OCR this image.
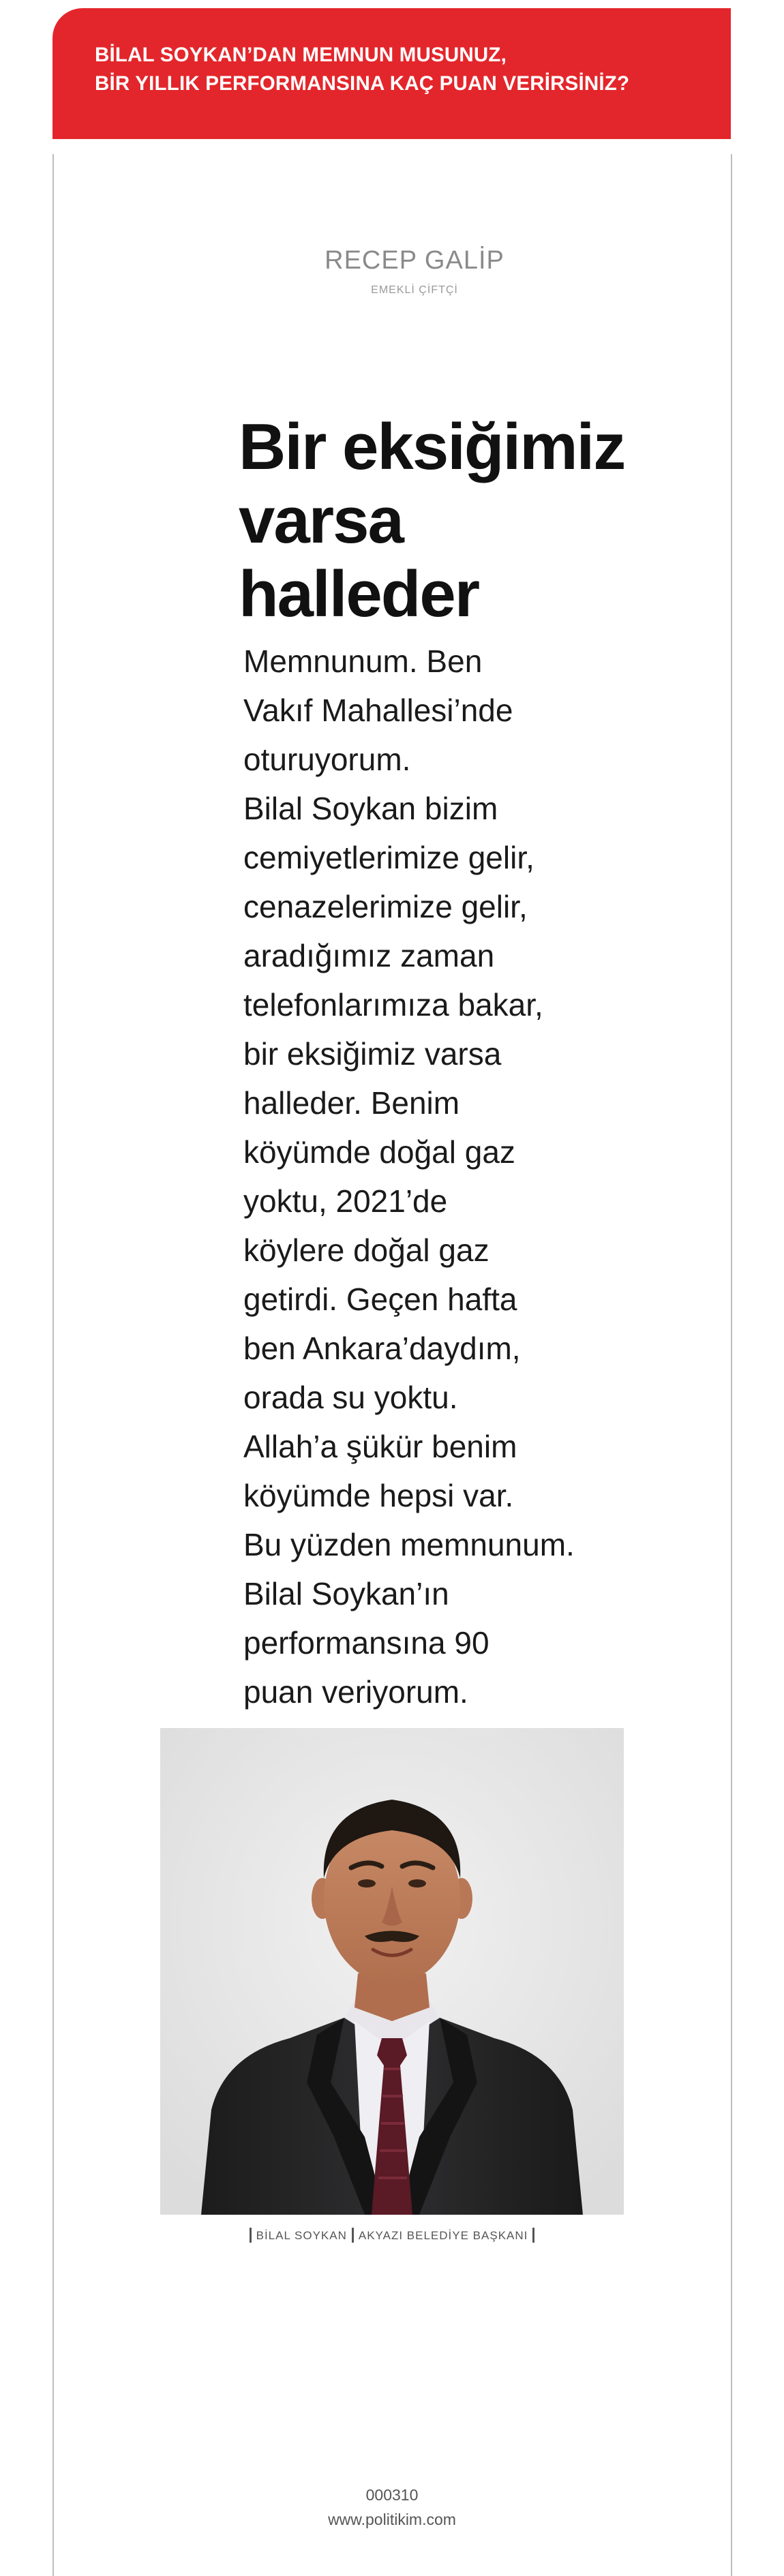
BİLAL SOYKAN’DAN MEMNUN MUSUNUZ,
BİR YILLIK PERFORMANSINA KAÇ PUAN VERİRSİNİZ?
RECEP GALİP
EMEKLİ ÇİFTÇİ
Bir eksiğimiz
varsa
halleder
Memnunum. Ben
Vakıf Mahallesi’nde
oturuyorum.
Bilal Soykan bizim
cemiyetlerimize gelir,
cenazelerimize gelir,
aradığımız zaman
telefonlarımıza bakar,
bir eksiğimiz varsa
halleder. Benim
köyümde doğal gaz
yoktu, 2021’de
köylere doğal gaz
getirdi. Geçen hafta
ben Ankara’daydım,
orada su yoktu.
Allah’a şükür benim
köyümde hepsi var.
Bu yüzden memnunum.
Bilal Soykan’ın
performansına 90
puan veriyorum.
BİLAL SOYKAN AKYAZI BELEDİYE BAŞKANI
000310
www.politikim.com
